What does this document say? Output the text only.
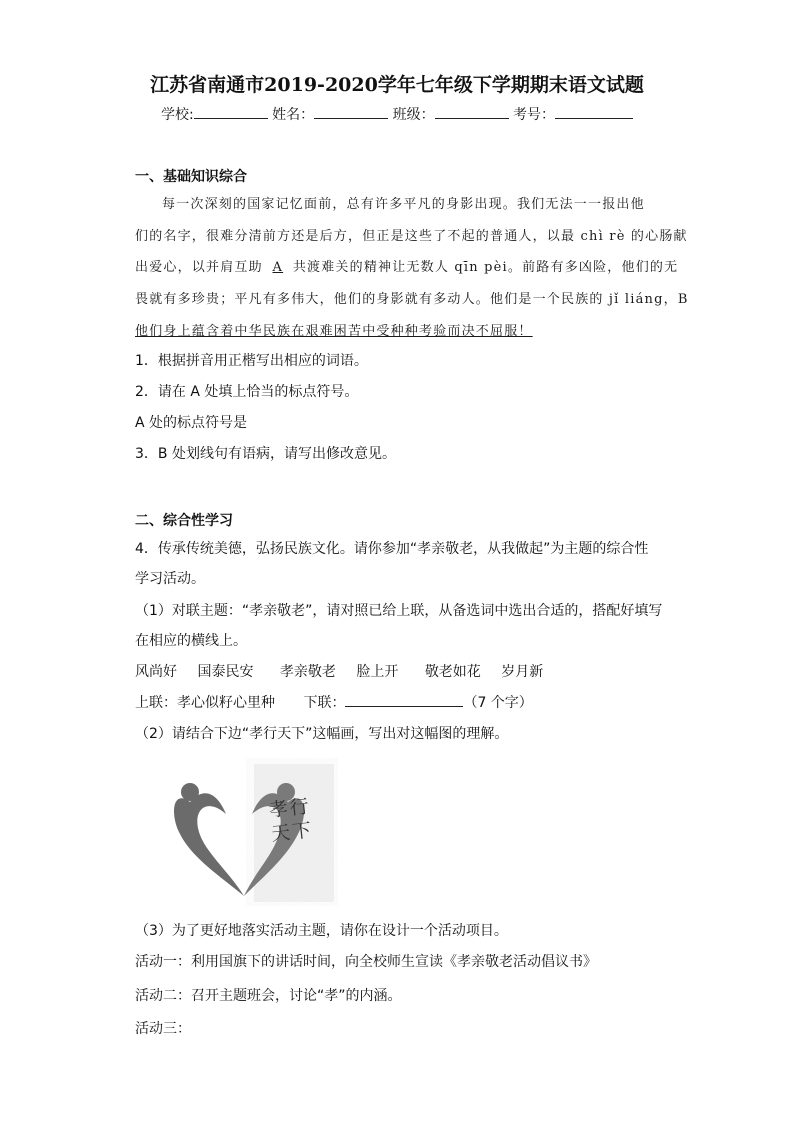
江苏省南通市2019-2020学年七年级下学期期末语文试题
学校:	姓名：	班级：	考号：
一、基础知识综合
每一次深刻的国家记忆面前，总有许多平凡的身影出现。我们无法一一报出他
们的名字，很难分清前方还是后方，但正是这些了不起的普通人，以最 chì rè 的心肠献
出爱心，以并肩互助 A 共渡难关的精神让无数人 qīn pèi。前路有多凶险，他们的无
畏就有多珍贵；平凡有多伟大，他们的身影就有多动人。他们是一个民族的 jǐ liáng，B
他们身上蕴含着中华民族在艰难困苦中受种种考验而决不屈服！
1．根据拼音用正楷写出相应的词语。
2．请在 A 处填上恰当的标点符号。
A 处的标点符号是
3．B 处划线句有语病，请写出修改意见。
二、综合性学习
4．传承传统美德，弘扬民族文化。请你参加“孝亲敬老，从我做起”为主题的综合性
学习活动。
（1）对联主题：“孝亲敬老”，请对照已给上联，从备选词中选出合适的，搭配好填写
在相应的横线上。
风尚好 国泰民安 孝亲敬老 脸上开 敬老如花 岁月新
上联：孝心似籽心里种 下联：	（7 个字）
（2）请结合下边“孝行天下”这幅画，写出对这幅图的理解。
孝行天下
（3）为了更好地落实活动主题，请你在设计一个活动项目。
活动一：利用国旗下的讲话时间，向全校师生宣读《孝亲敬老活动倡议书》
活动二：召开主题班会，讨论“孝”的内涵。
活动三：
